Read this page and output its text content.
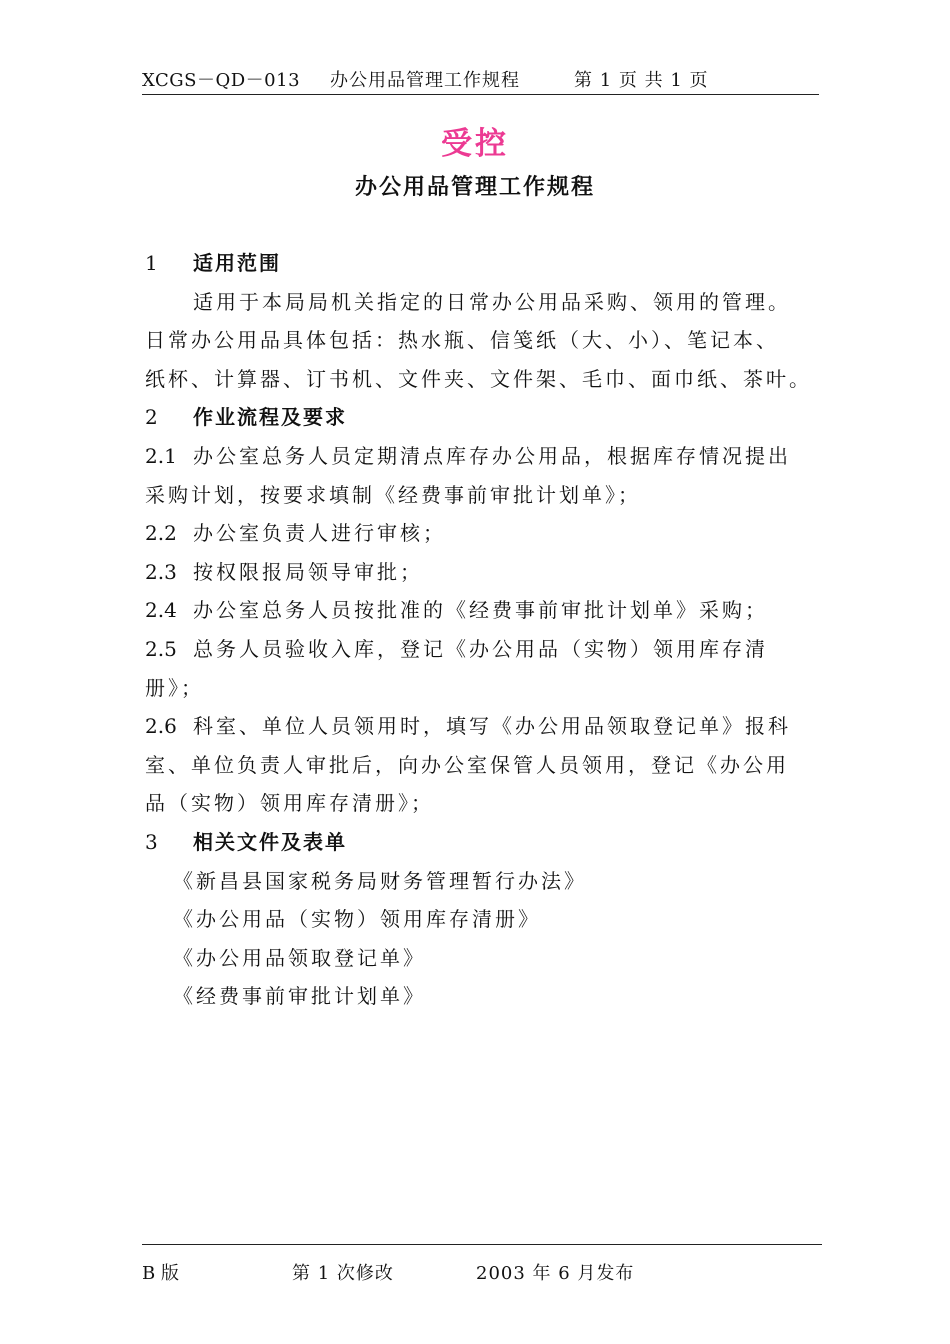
XCGS－QD－013 办公用品管理工作规程	第 1 页 共 1 页
受控
办公用品管理工作规程
1 适用范围
适用于本局局机关指定的日常办公用品采购、领用的管理。
日常办公用品具体包括：热水瓶、信笺纸（大、小）、笔记本、
纸杯、计算器、订书机、文件夹、文件架、毛巾、面巾纸、茶叶。
2 作业流程及要求
2.1 办公室总务人员定期清点库存办公用品，根据库存情况提出
采购计划，按要求填制《经费事前审批计划单》；
2.2 办公室负责人进行审核；
2.3 按权限报局领导审批；
2.4 办公室总务人员按批准的《经费事前审批计划单》采购；
2.5 总务人员验收入库，登记《办公用品（实物）领用库存清
册》；
2.6 科室、单位人员领用时，填写《办公用品领取登记单》报科
室、单位负责人审批后，向办公室保管人员领用，登记《办公用
品（实物）领用库存清册》；
3 相关文件及表单
《新昌县国家税务局财务管理暂行办法》
《办公用品（实物）领用库存清册》
《办公用品领取登记单》
《经费事前审批计划单》
B 版	第 1 次修改	2003 年 6 月发布
